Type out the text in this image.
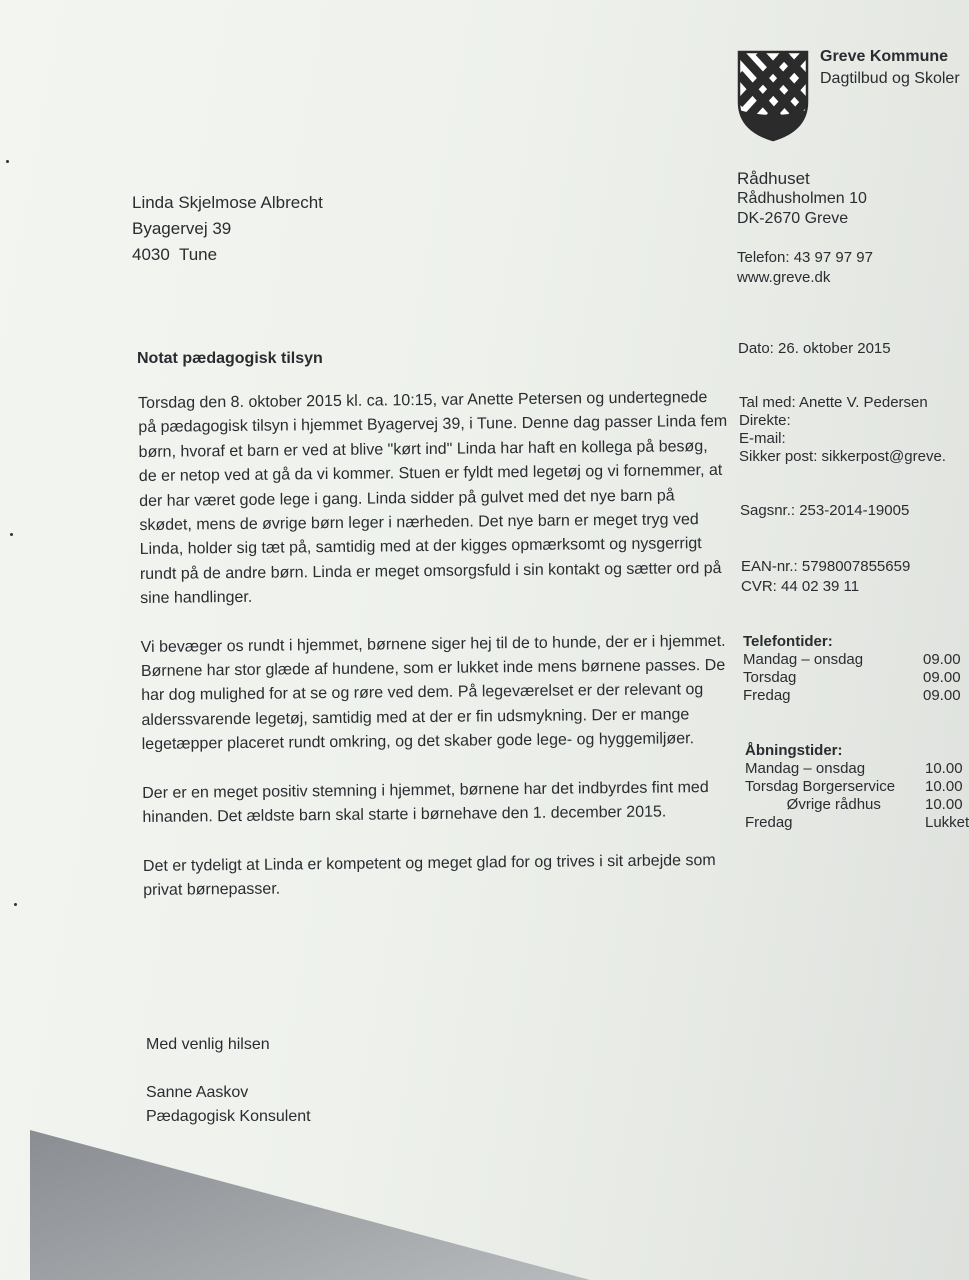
Greve Kommune
Dagtilbud og Skoler
Linda Skjelmose Albrecht
Byagervej 39
4030  Tune
Rådhuset
Rådhusholmen 10
DK-2670 Greve
Telefon: 43 97 97 97
www.greve.dk
Dato: 26. oktober 2015
Tal med: Anette V. Pedersen
Direkte:
E-mail:
Sikker post: sikkerpost@greve.
Sagsnr.: 253-2014-19005
EAN-nr.: 5798007855659
CVR: 44 02 39 11
Telefontider:
Mandag – onsdag	09.00
Torsdag	09.00
Fredag	09.00
Åbningstider:
Mandag – onsdag	10.00
Torsdag Borgerservice 10.00
Øvrige rådhus	10.00
Fredag	Lukket
Notat pædagogisk tilsyn

Torsdag den 8. oktober 2015 kl. ca. 10:15, var Anette Petersen og undertegnede på pædagogisk tilsyn i hjemmet Byagervej 39, i Tune. Denne dag passer Linda fem børn, hvoraf et barn er ved at blive "kørt ind" Linda har haft en kollega på besøg, de er netop ved at gå da vi kommer. Stuen er fyldt med legetøj og vi fornemmer, at der har været gode lege i gang. Linda sidder på gulvet med det nye barn på skødet, mens de øvrige børn leger i nærheden. Det nye barn er meget tryg ved Linda, holder sig tæt på, samtidig med at der kigges opmærksomt og nysgerrigt rundt på de andre børn. Linda er meget omsorgsfuld i sin kontakt og sætter ord på sine handlinger.

Vi bevæger os rundt i hjemmet, børnene siger hej til de to hunde, der er i hjemmet. Børnene har stor glæde af hundene, som er lukket inde mens børnene passes. De har dog mulighed for at se og røre ved dem. På legeværelset er der relevant og alderssvarende legetøj, samtidig med at der er fin udsmykning. Der er mange legetæpper placeret rundt omkring, og det skaber gode lege- og hyggemiljøer.

Der er en meget positiv stemning i hjemmet, børnene har det indbyrdes fint med hinanden. Det ældste barn skal starte i børnehave den 1. december 2015.

Det er tydeligt at Linda er kompetent og meget glad for og trives i sit arbejde som privat børnepasser.

Med venlig hilsen
Sanne Aaskov
Pædagogisk Konsulent
